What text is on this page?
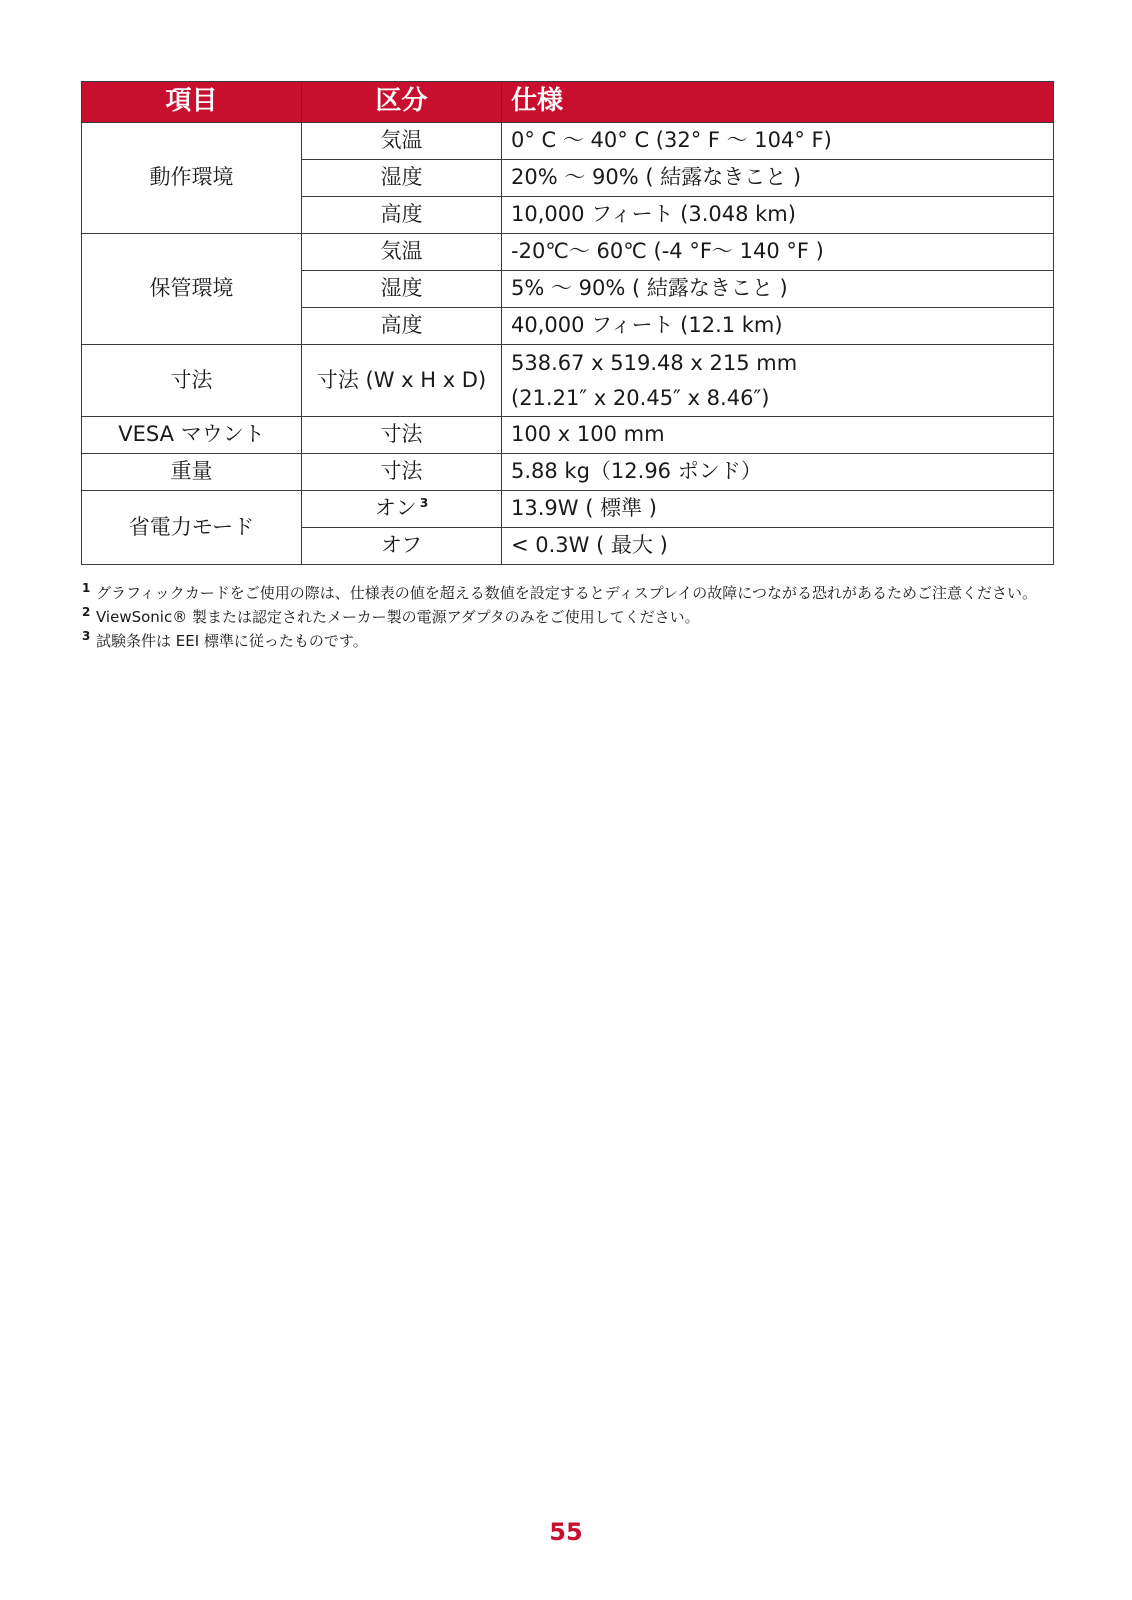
項目	区分	仕様
動作環境	気温	0° C 〜 40° C (32° F 〜 104° F)
	湿度	20% 〜 90% ( 結露なきこと )
	高度	10,000 フィート (3.048 km)
保管環境	気温	-20℃〜 60℃ (-4 °F〜 140 °F )
	湿度	5% 〜 90% ( 結露なきこと )
	高度	40,000 フィート (12.1 km)
寸法	寸法 (W x H x D)	538.67 x 519.48 x 215 mm
(21.21″ x 20.45″ x 8.46″)

VESA マウント	寸法	100 x 100 mm
重量	寸法	5.88 kg（12.96 ポンド）
省電力モード	オン $^3$	13.9W ( 標準 )
	オフ	< 0.3W ( 最大 )
1 グラフィックカードをご使用の際は、仕様表の値を超える数値を設定するとディスプレイの故障につながる恐れがあるためご注意ください。
2 ViewSonic® 製または認定されたメーカー製の電源アダプタのみをご使用してください。
3 試験条件は EEI 標準に従ったものです。
55
